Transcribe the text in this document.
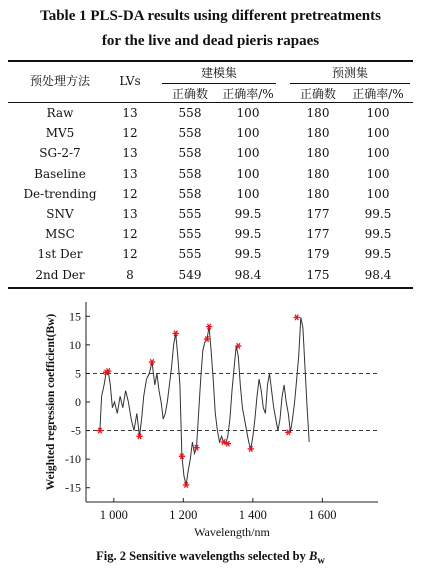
Table 1 PLS-DA results using different pretreatments
for the live and dead pieris rapaes
预处理方法	LVs
建模集	预测集
正确数	正确率/%	正确数	正确率/%
Raw	13	558	100	180	100
MV5	12	558	100	180	100
SG-2-7	13	558	100	180	100
Baseline	13	558	100	180	100
De-trending	12	558	100	180	100
SNV	13	555	99.5	177	99.5
MSC	12	555	99.5	177	99.5
1st Der	12	555	99.5	179	99.5
2nd Der	8	549	98.4	175	98.4
-15
-10
-5
0
5
10
15
1 000	1 200	1 400	1 600
Wavelength/nm
Weighted regression coefficient(Bw)
Fig. 2 Sensitive wavelengths selected by $B_w$
